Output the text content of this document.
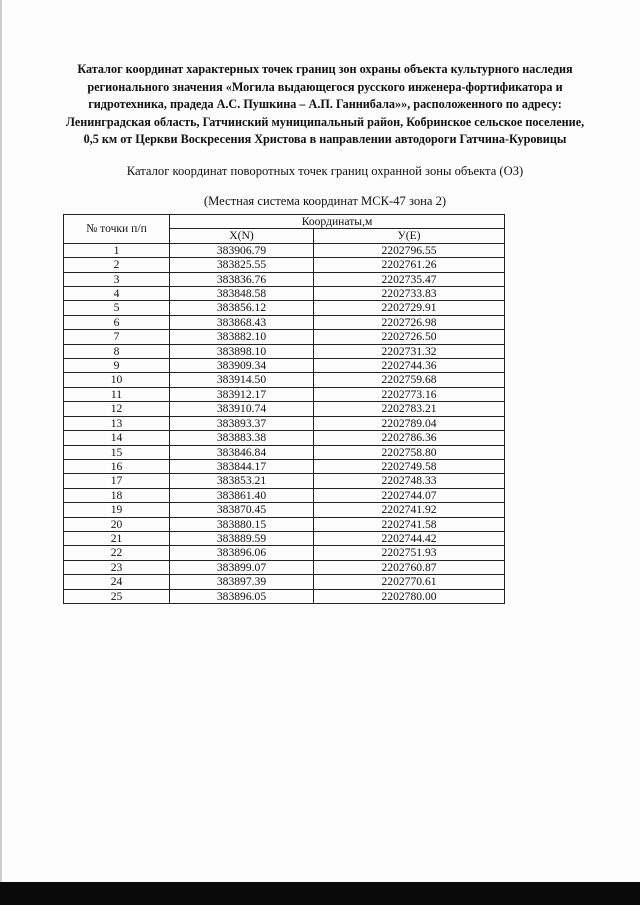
Каталог координат характерных точек границ зон охраны объекта культурного наследия регионального значения «Могила выдающегося русского инженера-фортификатора и гидротехника, прадеда А.С. Пушкина – А.П. Ганнибала»», расположенного по адресу: Ленинградская область, Гатчинский муниципальный район, Кобринское сельское поселение, 0,5 км от Церкви Воскресения Христова в направлении автодороги Гатчина-Куровицы

Каталог координат поворотных точек границ охранной зоны объекта (ОЗ)

(Местная система координат МСК-47 зона 2)

№ точки п/п	Координаты,м	
	X(N)	У(Е)
1	383906.79	2202796.55
2	383825.55	2202761.26
3	383836.76	2202735.47
4	383848.58	2202733.83
5	383856.12	2202729.91
6	383868.43	2202726.98
7	383882.10	2202726.50
8	383898.10	2202731.32
9	383909.34	2202744.36
10	383914.50	2202759.68
11	383912.17	2202773.16
12	383910.74	2202783.21
13	383893.37	2202789.04
14	383883.38	2202786.36
15	383846.84	2202758.80
16	383844.17	2202749.58
17	383853.21	2202748.33
18	383861.40	2202744.07
19	383870.45	2202741.92
20	383880.15	2202741.58
21	383889.59	2202744.42
22	383896.06	2202751.93
23	383899.07	2202760.87
24	383897.39	2202770.61
25	383896.05	2202780.00
